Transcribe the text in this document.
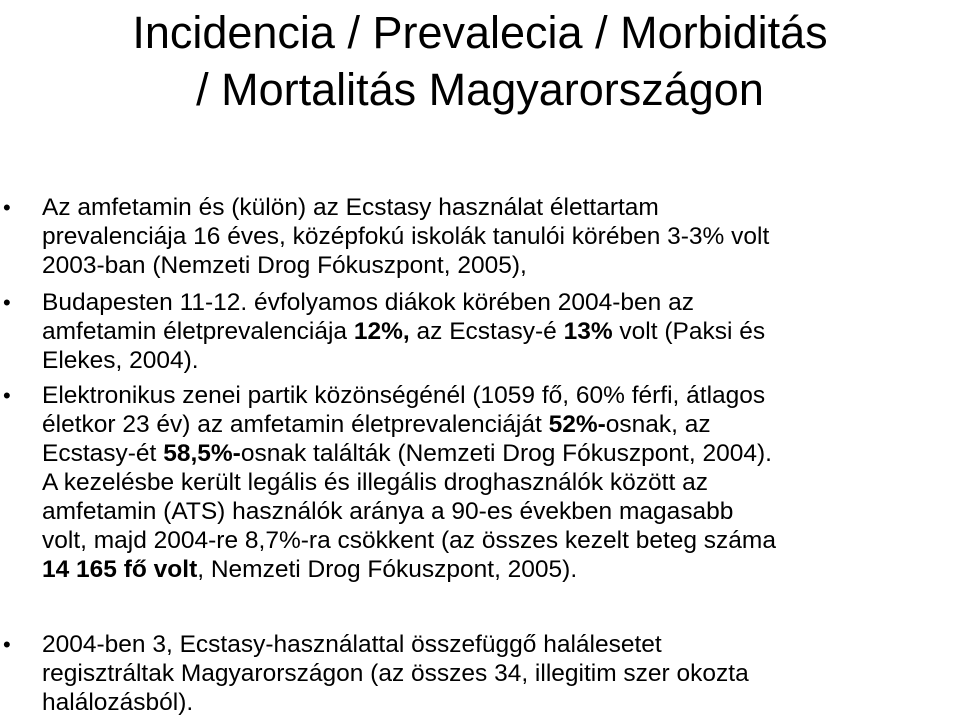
Incidencia / Prevalecia / Morbiditás
/ Mortalitás Magyarországon
• Az amfetamin és (külön) az Ecstasy használat élettartam
prevalenciája 16 éves, középfokú iskolák tanulói körében 3-3% volt
2003-ban (Nemzeti Drog Fókuszpont, 2005),
• Budapesten 11-12. évfolyamos diákok körében 2004-ben az
amfetamin életprevalenciája 12%, az Ecstasy-é 13% volt (Paksi és
Elekes, 2004).
• Elektronikus zenei partik közönségénél (1059 fő, 60% férfi, átlagos
életkor 23 év) az amfetamin életprevalenciáját 52%-osnak, az
Ecstasy-ét 58,5%-osnak találták (Nemzeti Drog Fókuszpont, 2004).
A kezelésbe került legális és illegális droghasználók között az
amfetamin (ATS) használók aránya a 90-es években magasabb
volt, majd 2004-re 8,7%-ra csökkent (az összes kezelt beteg száma
14 165 fő volt, Nemzeti Drog Fókuszpont, 2005).
• 2004-ben 3, Ecstasy-használattal összefüggő halálesetet
regisztráltak Magyarországon (az összes 34, illegitim szer okozta
halálozásból).
